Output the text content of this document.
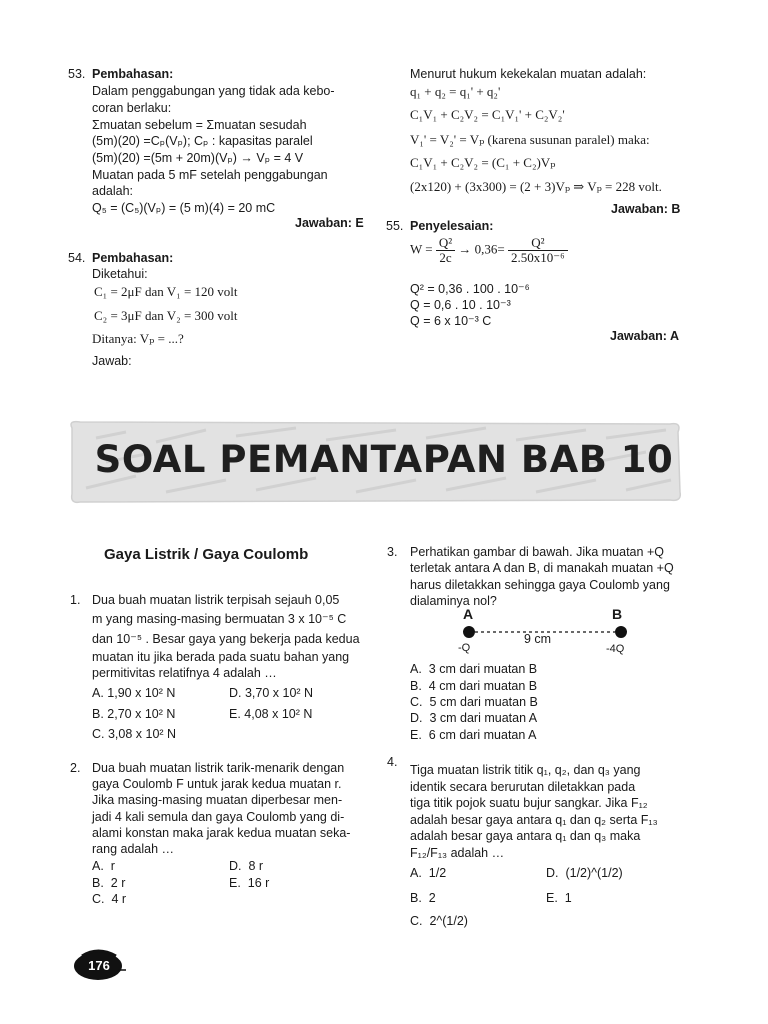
53. Pembahasan:
Dalam penggabungan yang tidak ada kebo-
coran berlaku:
Σmuatan sebelum = Σmuatan sesudah
(5m)(20) =Cₚ(Vₚ); Cₚ : kapasitas paralel
(5m)(20) =(5m + 20m)(Vₚ) → Vₚ = 4 V
Muatan pada 5 mF setelah penggabungan
adalah:
Q₅ = (C₅)(Vₚ) = (5 m)(4) = 20 mC
Jawaban: E
54. Pembahasan:
Diketahui:
C₁ = 2μF dan V₁ = 120 volt
C₂ = 3μF dan V₂ = 300 volt
Ditanya: Vₚ = ...?
Jawab:
Menurut hukum kekekalan muatan adalah:
q₁ + q₂ = q₁' + q₂'
C₁V₁ + C₂V₂ = C₁V₁' + C₂V₂'
V₁' = V₂' = Vₚ (karena susunan paralel) maka:
C₁V₁ + C₂V₂ = (C₁ + C₂)Vₚ
(2x120) + (3x300) = (2 + 3)Vₚ ⇒ Vₚ = 228 volt.
Jawaban: B
55. Penyelesaian:
$W = \frac{\text{Q²}}{2c} \to 0,36= \frac{\text{Q²}}{\text{2.50x10⁻⁶}}$
Q² = 0,36 . 100 . 10⁻⁶
Q = 0,6 . 10 . 10⁻³
Q = 6 x 10⁻³ C
Jawaban: A
SOAL PEMANTAPAN BAB 10
Gaya Listrik / Gaya Coulomb
1. Dua buah muatan listrik terpisah sejauh 0,05
m yang masing-masing bermuatan 3 x 10⁻⁵ C
dan 10⁻⁵ . Besar gaya yang bekerja pada kedua
muatan itu jika berada pada suatu bahan yang
permitivitas relatifnya 4 adalah …
A. 1,90 x 10² N	D. 3,70 x 10² N
B. 2,70 x 10² N	E. 4,08 x 10² N
C. 3,08 x 10² N
2. Dua buah muatan listrik tarik-menarik dengan
gaya Coulomb F untuk jarak kedua muatan r.
Jika masing-masing muatan diperbesar men-
jadi 4 kali semula dan gaya Coulomb yang di-
alami konstan maka jarak kedua muatan seka-
rang adalah …
A. r	D. 8 r
B. 2 r	E. 16 r
C. 4 r
3. Perhatikan gambar di bawah. Jika muatan +Q
terletak antara A dan B, di manakah muatan +Q
harus diletakkan sehingga gaya Coulomb yang
dialaminya nol?
A	B
9 cm
-Q	-4Q
A. 3 cm dari muatan B
B. 4 cm dari muatan B
C. 5 cm dari muatan B
D. 3 cm dari muatan A
E. 6 cm dari muatan A
4.
Tiga muatan listrik titik q₁, q₂, dan q₃ yang
identik secara berurutan diletakkan pada
tiga titik pojok suatu bujur sangkar. Jika F₁₂
adalah besar gaya antara q₁ dan q₂ serta F₁₃
adalah besar gaya antara q₁ dan q₃ maka
F₁₂/F₁₃ adalah …
A. 1/2	D. (1/2)^(1/2)
B. 2	E. 1
C. 2^(1/2)
176
